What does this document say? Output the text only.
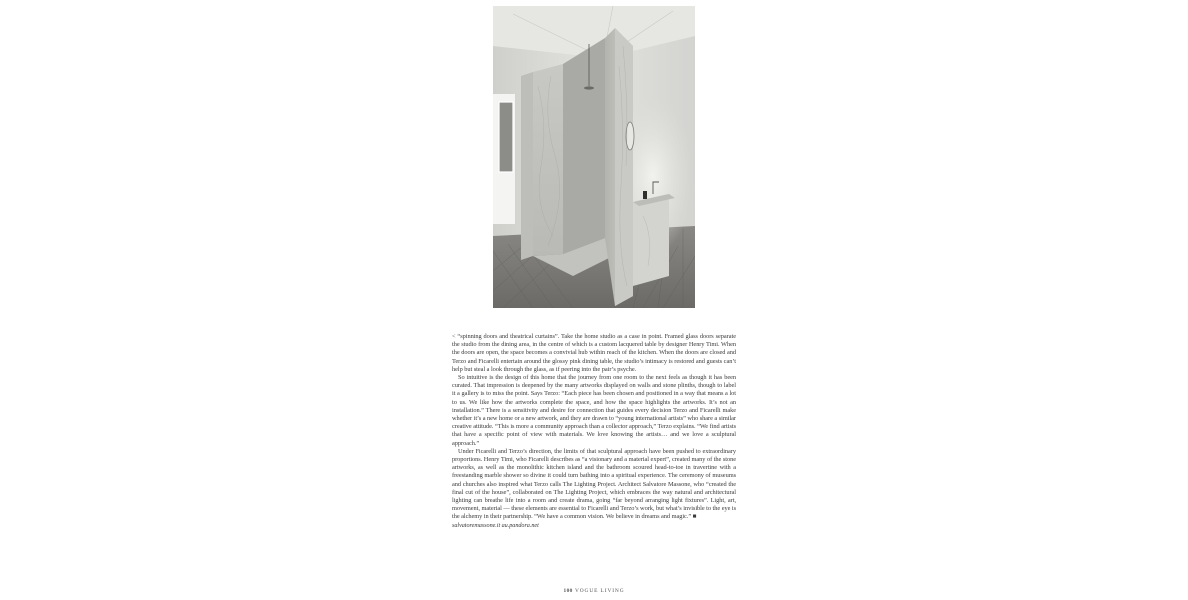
< “spinning doors and theatrical curtains”. Take the home studio as a case in point. Framed glass doors separate the studio from the dining area, in the centre of which is a custom lacquered table by designer Henry Timi. When the doors are open, the space becomes a convivial hub within reach of the kitchen. When the doors are closed and Terzo and Ficarelli entertain around the glossy pink dining table, the studio’s intimacy is restored and guests can’t help but steal a look through the glass, as if peering into the pair’s psyche.

So intuitive is the design of this home that the journey from one room to the next feels as though it has been curated. That impression is deepened by the many artworks displayed on walls and stone plinths, though to label it a gallery is to miss the point. Says Terzo: “Each piece has been chosen and positioned in a way that means a lot to us. We like how the artworks complete the space, and how the space highlights the artworks. It’s not an installation.” There is a sensitivity and desire for connection that guides every decision Terzo and Ficarelli make whether it’s a new home or a new artwork, and they are drawn to “young international artists” who share a similar creative attitude. “This is more a community approach than a collector approach,” Terzo explains. “We find artists that have a specific point of view with materials. We love knowing the artists… and we love a sculptural approach.”

Under Ficarelli and Terzo’s direction, the limits of that sculptural approach have been pushed to extraordinary proportions. Henry Timi, who Ficarelli describes as “a visionary and a material expert”, created many of the stone artworks, as well as the monolithic kitchen island and the bathroom scoured head-to-toe in travertine with a freestanding marble shower so divine it could turn bathing into a spiritual experience. The ceremony of museums and churches also inspired what Terzo calls The Lighting Project. Architect Salvatore Massone, who “created the final cut of the house”, collaborated on The Lighting Project, which embraces the way natural and architectural lighting can breathe life into a room and create drama, going “far beyond arranging light fixtures”. Light, art, movement, material — these elements are essential to Ficarelli and Terzo’s work, but what’s invisible to the eye is the alchemy in their partnership. “We have a common vision. We believe in dreams and magic.” ■

salvatoremassone.it au.pandora.net
100 VOGUE LIVING
